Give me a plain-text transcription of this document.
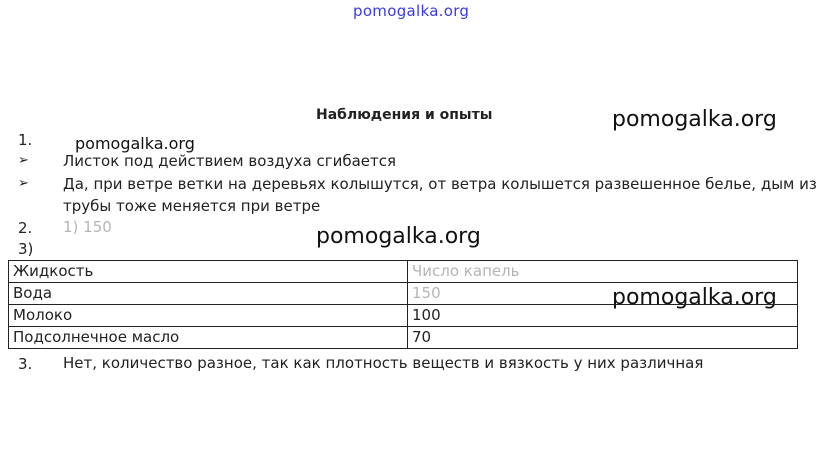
pomogalka.org
Наблюдения и опыты	pomogalka.org
pomogalka.org
pomogalka.org
pomogalka.org
1.
➢ Листок под действием воздуха сгибается
➢ Да, при ветре ветки на деревьях колышутся, от ветра колышется развешенное белье, дым из
трубы тоже меняется при ветре
2. 1) 150
3)
Жидкость	Число капель
Вода	150
Молоко	100
Подсолнечное масло	70
3. Нет, количество разное, так как плотность веществ и вязкость у них различная
